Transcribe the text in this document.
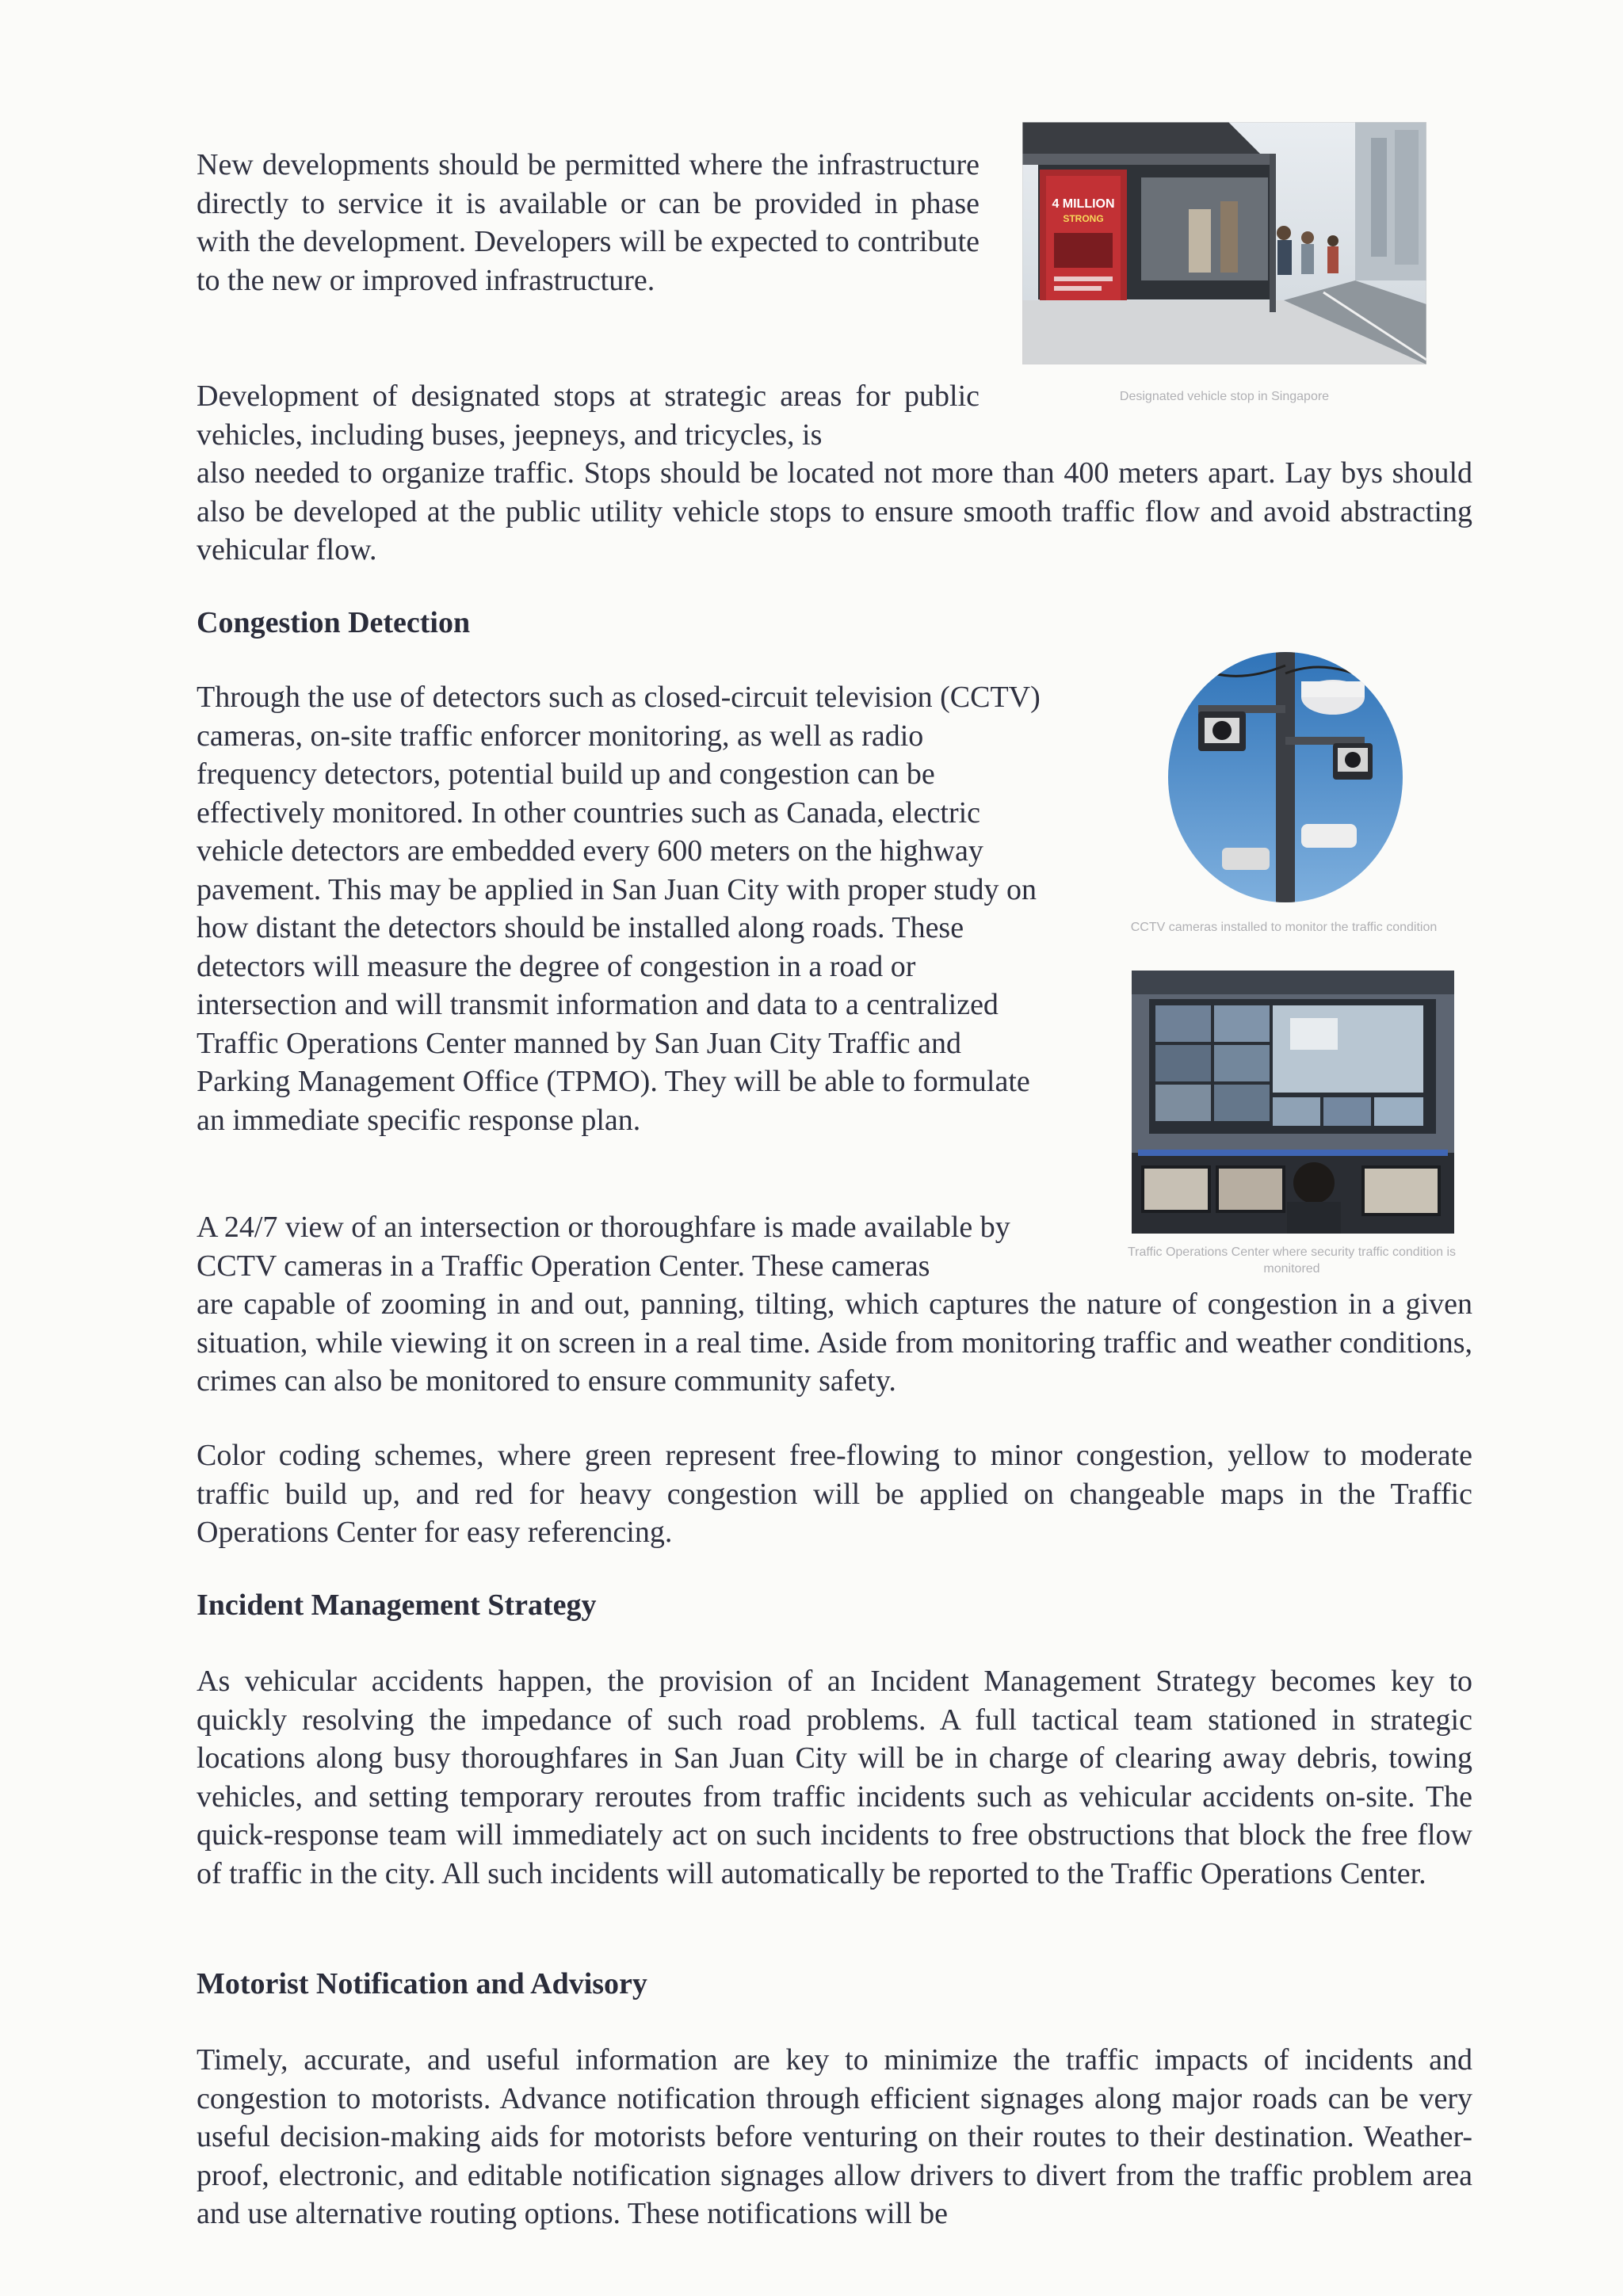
New developments should be permitted where the infrastructure directly to service it is available or can be provided in phase with the development. Developers will be expected to contribute to the new or improved infrastructure.

4 MILLION
STRONG

Designated vehicle stop in Singapore

Development of designated stops at strategic areas for public vehicles, including buses, jeepneys, and tricycles, is

also needed to organize traffic. Stops should be located not more than 400 meters apart. Lay bys should also be developed at the public utility vehicle stops to ensure smooth traffic flow and avoid abstracting vehicular flow.

Congestion Detection

Through the use of detectors such as closed-circuit television (CCTV) cameras, on-site traffic enforcer monitoring, as well as radio frequency detectors, potential build up and congestion can be effectively monitored. In other countries such as Canada, electric vehicle detectors are embedded every 600 meters on the highway pavement. This may be applied in San Juan City with proper study on how distant the detectors should be installed along roads. These detectors will measure the degree of congestion in a road or intersection and will transmit information and data to a centralized Traffic Operations Center manned by San Juan City Traffic and Parking Management Office (TPMO). They will be able to formulate an immediate specific response plan.

CCTV cameras installed to monitor the traffic condition

Traffic Operations Center where security traffic condition is monitored

A 24/7 view of an intersection or thoroughfare is made available by CCTV cameras in a Traffic Operation Center. These cameras

are capable of zooming in and out, panning, tilting, which captures the nature of congestion in a given situation, while viewing it on screen in a real time. Aside from monitoring traffic and weather conditions, crimes can also be monitored to ensure community safety.

Color coding schemes, where green represent free-flowing to minor congestion, yellow to moderate traffic build up, and red for heavy congestion will be applied on changeable maps in the Traffic Operations Center for easy referencing.

Incident Management Strategy

As vehicular accidents happen, the provision of an Incident Management Strategy becomes key to quickly resolving the impedance of such road problems. A full tactical team stationed in strategic locations along busy thoroughfares in San Juan City will be in charge of clearing away debris, towing vehicles, and setting temporary reroutes from traffic incidents such as vehicular accidents on-site. The quick-response team will immediately act on such incidents to free obstructions that block the free flow of traffic in the city. All such incidents will automatically be reported to the Traffic Operations Center.

Motorist Notification and Advisory

Timely, accurate, and useful information are key to minimize the traffic impacts of incidents and congestion to motorists. Advance notification through efficient signages along major roads can be very useful decision-making aids for motorists before venturing on their routes to their destination. Weather-proof, electronic, and editable notification signages allow drivers to divert from the traffic problem area and use alternative routing options. These notifications will be
